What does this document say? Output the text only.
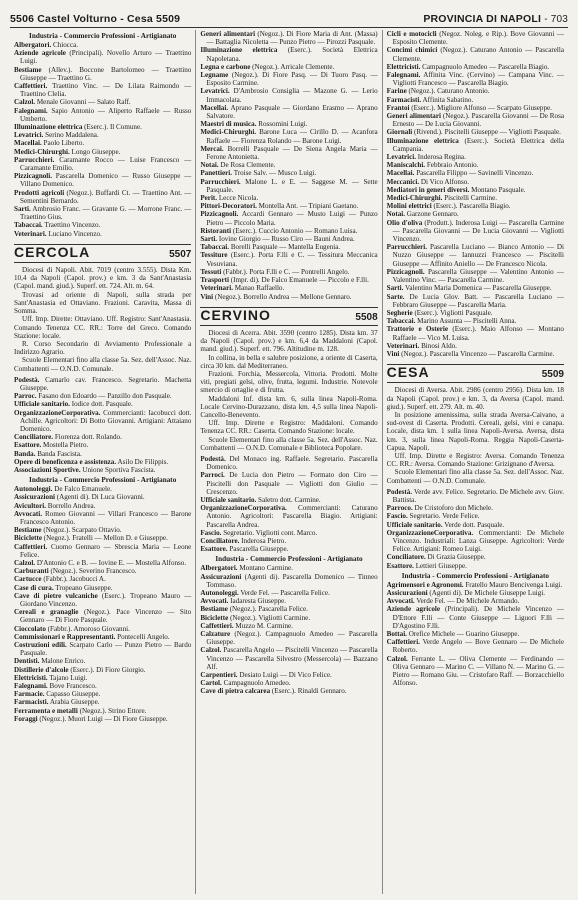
5506 Castel Volturno - Cesa 5509	PROVINCIA DI NAPOLI - 703
Industria - Commercio Professioni - Artigianato
Albergatori. Chiocca.
Aziende agricole (Principali). Novello Arturo — Traettino Luigi.
Bestiame (Allev.). Boccone Bartolomeo — Traettino Giuseppe — Traettino G.
Caffettieri. Traettino Vinc. — De Lilata Raimondo — Traettino Clelia.
Calzol. Menale Giovanni — Salato Raff.
Falegnami. Sapio Antonio — Aliperto Raffaele — Russo Umberto.
Illuminazione elettrica (Eserc.). Il Comune.
Levatrici. Serino Maddalena.
Macellai. Paolo Liberto.
Medici-Chirurghi. Longo Giuseppe.
Parrucchieri. Caramante Rocco — Luise Francesco — Caramante Emilio.
Pizzicagnoli. Pascarella Domenico — Russo Giuseppe — Villano Domenico.
Prodotti agricoli (Negoz.). Buffardi Ct. — Traettino Ant. — Sementini Bernardo.
Sarti. Ambrosio Franc. — Gravante G. — Morrone Franc. — Traettino Gius.
Tabaccai. Traettino Vincenzo.
Veterinari. Luciano Vincenzo.
CERCOLA	5507
Diocesi di Napoli. Abit. 7019 (centro 3.555). Dista Km. 10,4 da Napoli (Capol. prov.) e km. 3 da Sant'Anastasia (Capol. mand. giud.). Superf. ett. 724. Alt. m. 64.
Trovasi ad oriente di Napoli, sulla strada per Sant'Anastasia ed Ottaviano. Frazioni. Caravita, Massa di Somma.
Uff. Imp. Dirette: Ottaviano. Uff. Registro: Sant'Anastasia. Comando Tenenza CC. RR.: Torre del Greco. Comando Stazione: locale.
R. Corso Secondario di Avviamento Professionale a Indirizzo Agrario.
Scuole Elementari fino alla classe 5a. Sez. dell'Assoc. Naz. Combattenti — O.N.D. Comunale.
Podestà. Camarlo cav. Francesco. Segretario. Machetta Giuseppe.
Parroc. Fasano don Edoardo — Panzillo don Pasquale.
Ufficiale sanitario. Iodice dott. Pasquale.
OrganizzazioneCorporativa. Commercianti: Iacobucci dott. Achille. Agricoltori: Di Botto Giovanni. Artigiani: Attaiano Domenico.
Conciliatore. Fiorenza dott. Rolando.
Esattore. Mostella Pietro.
Banda. Banda Fascista.
Opere di beneficenza e assistenza. Asilo De Filippis.
Associazioni Sportive. Unione Sportiva Fascista.
Industria - Commercio Professioni - Artigianato
Autonoleggi. De Falco Emanuele.
Assicurazioni (Agenti di). Di Luca Giovanni.
Avicultori. Borrello Andrea.
Avvocati. Romeo Giovanni — Villari Francesco — Barone Francesco Antonio.
Bestiame (Negoz.). Scarpato Ottavio.
Biciclette (Negoz.). Fratelli — Mellon D. e Giuseppe.
Caffettieri. Cuomo Gennaro — Sbrescia Maria — Leone Felice.
Calzol. D'Antonio C. e B. — Iovine E. — Mostella Alfonso.
Carburanti (Negoz.). Severino Francesco.
Cartucce (Fabbr.). Jacobucci A.
Case di cura. Tropeano Giuseppe.
Cave di pietre vulcaniche (Eserc.). Tropeano Mauro — Giordano Vincenzo.
Cereali e granaglie (Negoz.). Pace Vincenzo — Sito Gennaro — Di Fiore Pasquale.
Cioccolato (Fabbr.). Amoroso Giovanni.
Commissionari e Rappresentanti. Pontecelli Angelo.
Costruzioni edili. Scarpato Carlo — Punzo Pietro — Bardo Pasquale.
Dentisti. Malone Enrico.
Distillerie d'alcole (Eserc.). Di Fiore Giorgio.
Elettricisti. Tajano Luigi.
Falegnami. Bove Francesco.
Farmacie. Capasso Giuseppe.
Farmacisti. Arabia Giuseppe.
Ferramenta e metalli (Negoz.). Strino Ettore.
Foraggi (Negoz.). Muori Luigi — Di Fiore Giuseppe.
Generi alimentari (Negoz.). Di Fiore Maria di Ant. (Massa) — Battaglia Nicoletta — Punzo Pietro — Pirozzi Pasquale.
Illuminazione elettrica (Eserc.). Società Elettrica Napoletana.
Legna e carbone (Negoz.). Arricale Clemente.
Legname (Negoz.). Di Fiore Pasq. — Di Tuoro Pasq. — Esposito Carmine.
Levatrici. D'Ambrosio Consiglia — Mazone G. — Lerio Immacolata.
Macellai. Aprano Pasquale — Giordano Erasmo — Aprano Salvatore.
Maestri di musica. Rossomini Luigi.
Medici-Chirurghi. Barone Luca — Cirillo D. — Acanfora Raffaele — Fiorenza Rolando — Barone Luigi.
Mercai. Borrelli Pasquale — De Siena Angela Maria — Ferone Antonietta.
Notai. De Rosa Clemente.
Panettieri. Troise Salv. — Musco Luigi.
Parrucchieri. Malone L. e E. — Saggese M. — Sette Pasquale.
Perit. Lecce Nicola.
Pittori-Decoratori. Montella Ant. — Tripiani Gaetano.
Pizzicagnoli. Accardi Gennaro — Musto Luigi — Punzo Pietro — Piccolo Maria.
Ristoranti (Eserc.). Cuccio Antonio — Romano Luisa.
Sarti. Iovine Giorgio — Russo Ciro — Bauni Andrea.
Tabaccai. Borelli Pasquale — Mantella Eugenia.
Tessiture (Eserc.). Porta F.lli e C. — Tessitura Meccanica Vesuviana.
Tessuti (Fabbr.). Porta F.lli e C. — Pontrelli Angelo.
Trasporti (Impr. di). De Falco Emanuele — Piccolo e F.lli.
Veterinari. Manao Raffaello.
Vini (Negoz.). Borrello Andrea — Mellone Gennaro.
CERVINO	5508
Diocesi di Acerra. Abit. 3590 (centro 1285). Dista km. 37 da Napoli (Capol. prov.) e km. 6,4 da Maddaloni (Capol. mand. giud.). Superf. ett. 796. Altitudine m. 128.
In collina, in bella e salubre posizione, a oriente di Caserta, circa 30 km. dal Mediterraneo.
Frazioni. Forchia, Messercola, Vittoria. Prodotti. Molte viti, pregiati gelsi, olive, frutta, legumi. Industrie. Notevole smercio di ortaglie e di frutta.
Maddaloni Inf. dista km. 6, sulla linea Napoli-Roma. Locale Cervino-Durazzano, dista km. 4,5 sulla linea Napoli-Cancello-Benevento.
Uff. Imp. Dirette e Registro: Maddaloni. Comando Tenenza CC. RR.: Caserta. Comando Stazione: locale.
Scuole Elementari fino alla classe 5a. Sez. dell'Assoc. Naz. Combattenti — O.N.D. Comunale e Biblioteca Popolare.
Podestà. Del Monaco ing. Raffaele. Segretario. Pascarella Domenico.
Parroci. De Lucia don Pietro — Formato don Ciro — Piscitelli don Pasquale — Vigliotti don Giulio — Crescenzo.
Ufficiale sanitario. Saletro dott. Carmine.
OrganizzazioneCorporativa. Commercianti: Caturano Antonio. Agricoltori: Pascarella Biagio. Artigiani: Pascarella Andrea.
Fascio. Segretario. Vigliotti cont. Marco.
Conciliatore. Inderosa Pietro.
Esattore. Pascarella Giuseppe.
Industria - Commercio Professioni - Artigianato
Albergatori. Montano Carmine.
Assicurazioni (Agenti di). Pascarella Domenico — Tinneo Tommaso.
Autonoleggi. Verde Fel. — Pascarella Felice.
Avvocati. Iadaresta Giuseppe.
Bestiame (Negoz.). Pascarella Felice.
Biciclette (Negoz.). Vigliotti Carmine.
Caffettieri. Muzzo M. Carmine.
Calzature (Negoz.). Campagnuolo Amedeo — Pascarella Giuseppe.
Calzol. Pascarella Angelo — Piscitelli Vincenzo — Pascarella Vincenzo — Pascarella Silvestro (Messercola) — Bazzano Alf.
Carpentieri. Desiato Luigi — Di Vico Felice.
Cartol. Campagnuolo Amedeo.
Cave di pietra calcarea (Eserc.). Rinaldi Gennaro.
Cicli e motocicli (Negoz. Noleg. e Rip.). Bove Giovanni — Esposito Clemente.
Concimi chimici (Negoz.). Caturano Antonio — Pascarella Clemente.
Elettricisti. Campagnuolo Amedeo — Pascarella Biagio.
Falegnami. Affinita Vinc. (Cervino) — Campana Vinc. — Vigliotti Francesco — Pascarella Biagio.
Farine (Negoz.). Caturano Antonio.
Farmacisti. Affinita Sabatino.
Frantoi (Eserc.). Migliore Alfonso — Scarpato Giuseppe.
Generi alimentari (Negoz.). Pascarella Giovanni — De Rosa Ernesto — De Lucia Giovanni.
Giornali (Rivend.). Piscitelli Giuseppe — Vigliotti Pasquale.
Illuminazione elettrica (Eserc.). Società Elettrica della Campania.
Levatrici. Inderosa Regina.
Maniscalchi. Febbraio Antonio.
Macellai. Pascarella Filippo — Savinelli Vincenzo.
Meccanici. Di Vico Alfonso.
Mediatori in generi diversi. Montano Pasquale.
Medici-Chirurghi. Piscitelli Carmine.
Molini elettrici (Eserc.). Pascarella Biagio.
Notai. Garzone Gennaro.
Olio d'oliva (Produtt.). Inderosa Luigi — Pascarella Carmine — Pascarella Giovanni — De Lucia Giovanni — Vigliotti Vincenzo.
Parrucchieri. Pascarella Luciano — Bianco Antonio — Di Nuzzo Giuseppe — Iannuzzi Francesco — Piscitelli Giuseppe — Affinito Aniello — De Francesco Nicola.
Pizzicagnoli. Pascarella Giuseppe — Valentino Antonio — Valentino Vinc. — Pascarella Carmine.
Sarti. Valentino Maria Domenica — Pascarella Giuseppe.
Sarte. De Lucia Glov. Batt. — Pascarella Luciano — Febbraro Giuseppe — Pascarella Maria.
Segherie (Eserc.). Vigliotti Pasquale.
Tabaccai. Marino Assunta — Piscitelli Anna.
Trattorie e Osterie (Eserc.). Maio Alfonso — Montano Raffaele — Vico M. Luisa.
Veterinari. Binosi Aldo.
Vini (Negoz.). Pascarella Vincenzo — Pascarella Carmine.
CESA	5509
Diocesi di Aversa. Abit. 2986 (centro 2956). Dista km. 18 da Napoli (Capol. prov.) e km. 3, da Aversa (Capol. mand. giud.). Superf. ett. 279. Alt. m. 40.
In posizione amenissima, sulla strada Aversa-Caivano, a sud-ovest di Caserta. Prodotti. Cereali, gelsi, vini e canapa. Locale, dista km. 1 sulla linea Napoli-Aversa. Aversa, dista km. 3, sulla linea Napoli-Roma. Reggia Napoli-Caserta-Capua. Napoli.
Uff. Imp. Dirette e Registro: Aversa. Comando Tenenza CC. RR.: Aversa. Comando Stazione: Grizignano d'Aversa.
Scuole Elementari fino alla classe 5a. Sez. dell'Assoc. Naz. Combattenti — O.N.D. Comunale.
Podestà. Verde avv. Felice. Segretario. De Michele avv. Giov. Battista.
Parroco. De Cristoforo don Michele.
Fascio. Segretario. Verde Felice.
Ufficiale sanitario. Verde dott. Pasquale.
OrganizzazioneCorporativa. Commercianti: De Michele Vincenzo. Industriali: Lanza Giuseppe. Agricoltori: Verde Felice. Artigiani: Romeo Luigi.
Conciliatore. Di Grazia Giuseppe.
Esattore. Lettieri Giuseppe.
Industria - Commercio Professioni - Artigianato
Agrimensori e Agronomi. Fratello Mauro Bencivenga Luigi.
Assicurazioni (Agenti di). De Michele Giuseppe Luigi.
Avvocati. Verde Fel. — De Michele Armando.
Aziende agricole (Principali). De Michele Vincenzo — D'Ettore F.lli — Conte Giuseppe — Liguori F.lli — D'Agostino F.lli.
Bottai. Orefice Michele — Guarino Giuseppe.
Caffettieri. Verde Angelo — Bove Gennaro — De Michele Roberto.
Calzol. Ferrante L. — Oliva Clemente — Ferdinando — Oliva Gennaro — Marino C. — Villano N. — Marino G. — Pietro — Romano Giu. — Cristofaro Raff. — Borzacchiello Alfonso.
